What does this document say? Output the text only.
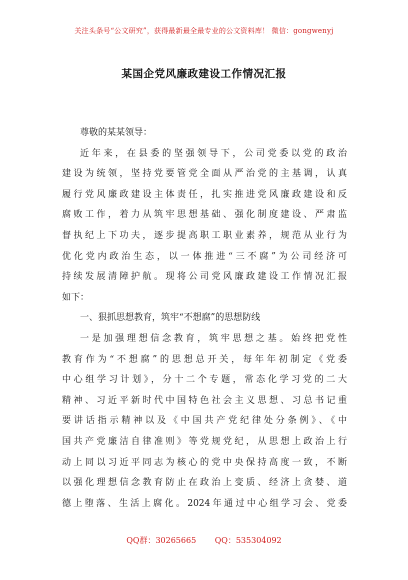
关注头条号“公文研究”，获得最新最全最专业的公文资料库！ 微信：gongwenyj
某国企党风廉政建设工作情况汇报
尊敬的某某领导：
近年来，在县委的坚强领导下，公司党委以党的政治
建设为统领，坚持党要管党全面从严治党的主基调，认真
履行党风廉政建设主体责任，扎实推进党风廉政建设和反
腐败工作，着力从筑牢思想基础、强化制度建设、严肃监
督执纪上下功夫，逐步提高职工职业素养，规范从业行为
优化党内政治生态，以一体推进“三不腐”为公司经济可
持续发展清障护航。现将公司党风廉政建设工作情况汇报
如下：
一、狠抓思想教育，筑牢“不想腐”的思想防线
一是加强理想信念教育，筑牢思想之基。始终把党性
教育作为“不想腐”的思想总开关，每年年初制定《党委
中心组学习计划》，分十二个专题，常态化学习党的二大
精神、习近平新时代中国特色社会主义思想、习总书记重
要讲话指示精神以及《中国共产党纪律处分条例》、《中
国共产党廉洁自律准则》等党规党纪，从思想上政治上行
动上同以习近平同志为核心的党中央保持高度一致，不断
以强化理想信念教育防止在政治上变质、经济上贪婪、道
德上堕落、生活上腐化。2024年通过中心组学习会、党委
QQ群：30265665 QQ：535304092
